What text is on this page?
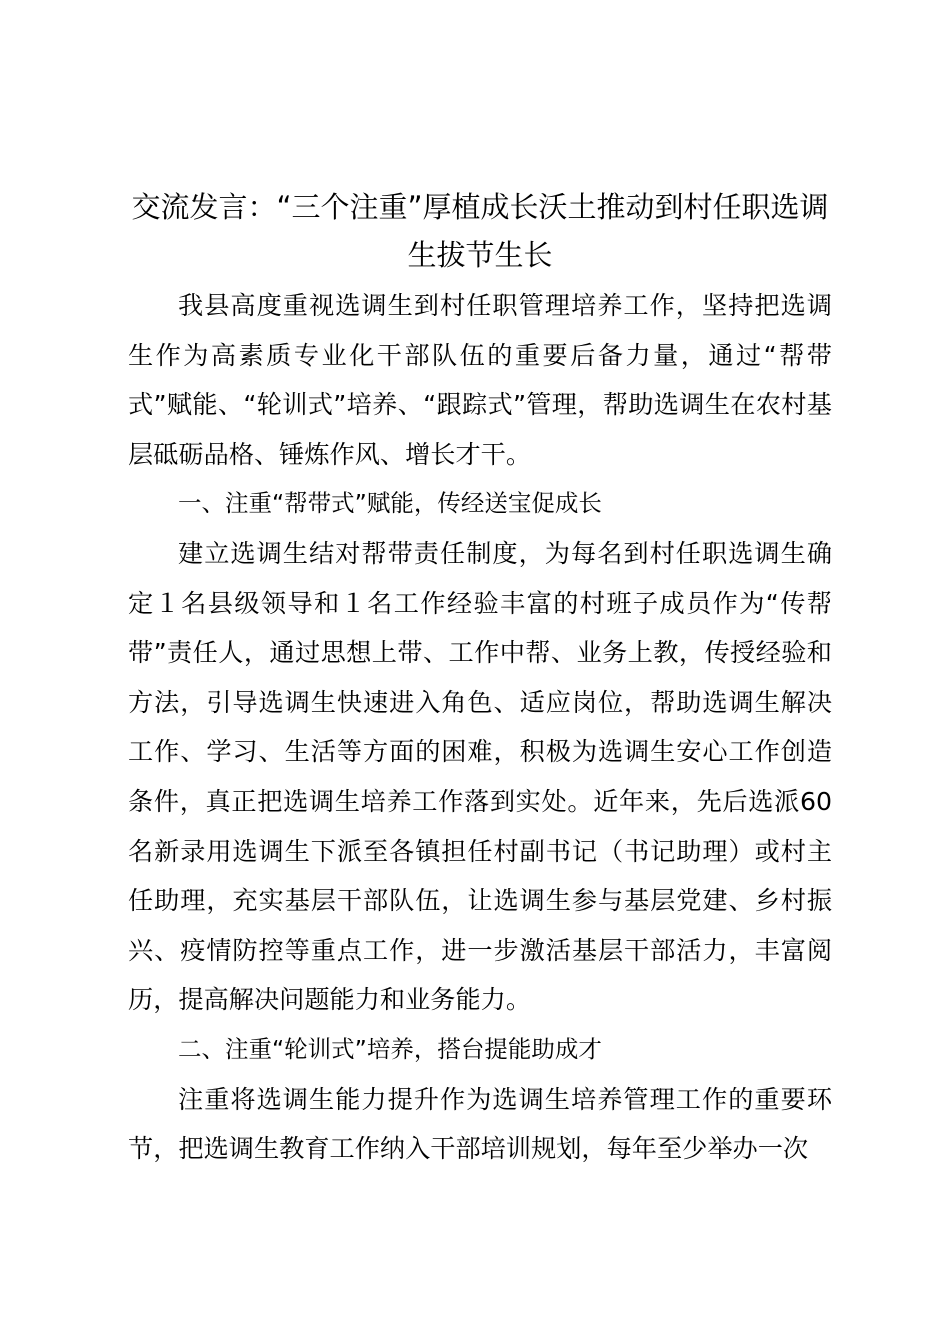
交流发言：“三个注重”厚植成长沃土推动到村任职选调生拔节生长

我县高度重视选调生到村任职管理培养工作，坚持把选调生作为高素质专业化干部队伍的重要后备力量，通过“帮带式”赋能、“轮训式”培养、“跟踪式”管理，帮助选调生在农村基层砥砺品格、锤炼作风、增长才干。

一、注重“帮带式”赋能，传经送宝促成长

建立选调生结对帮带责任制度，为每名到村任职选调生确定１名县级领导和１名工作经验丰富的村班子成员作为“传帮带”责任人，通过思想上带、工作中帮、业务上教，传授经验和方法，引导选调生快速进入角色、适应岗位，帮助选调生解决工作、学习、生活等方面的困难，积极为选调生安心工作创造条件，真正把选调生培养工作落到实处。近年来，先后选派60名新录用选调生下派至各镇担任村副书记（书记助理）或村主任助理，充实基层干部队伍，让选调生参与基层党建、乡村振兴、疫情防控等重点工作，进一步激活基层干部活力，丰富阅历，提高解决问题能力和业务能力。

二、注重“轮训式”培养，搭台提能助成才

注重将选调生能力提升作为选调生培养管理工作的重要环节，把选调生教育工作纳入干部培训规划，每年至少举办一次
